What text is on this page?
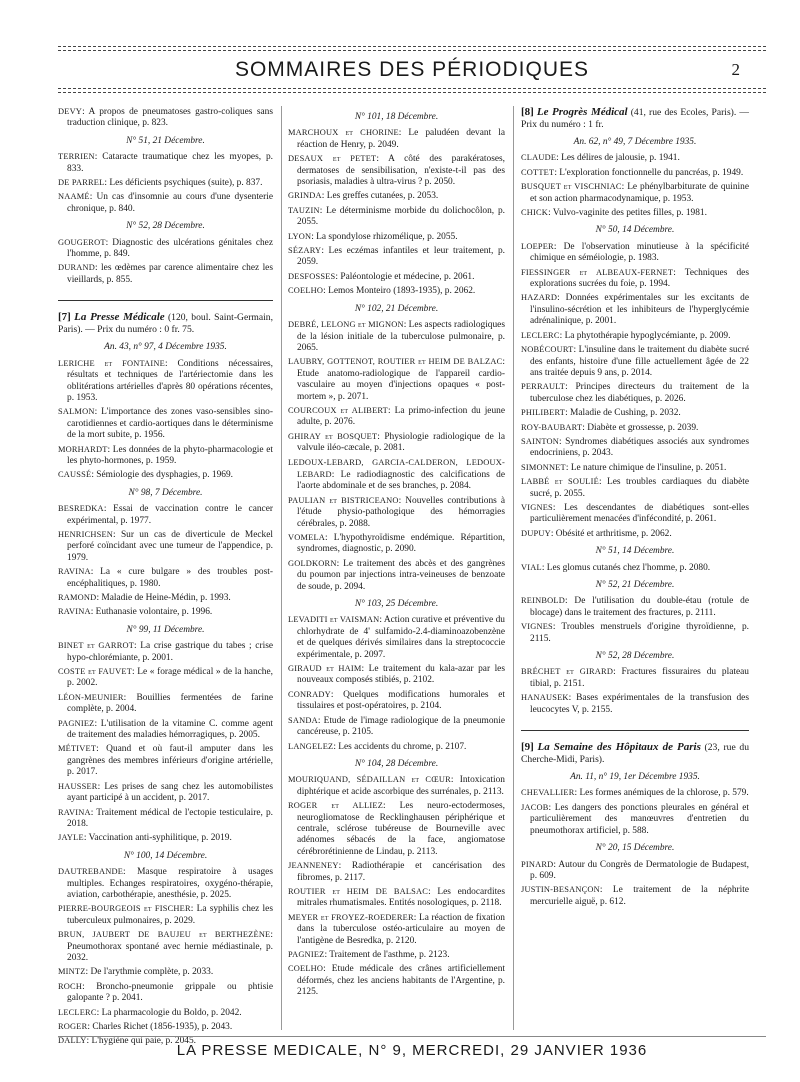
SOMMAIRES DES PÉRIODIQUES	2
DEVY: A propos de pneumatoses gastro-coliques sans traduction clinique, p. 823.
N° 51, 21 Décembre.
TERRIEN: Cataracte traumatique chez les myopes, p. 833.
DE PARREL: Les déficients psychiques (suite), p. 837.
NAAMÉ: Un cas d'insomnie au cours d'une dysenterie chronique, p. 840.
N° 52, 28 Décembre.
GOUGEROT: Diagnostic des ulcérations génitales chez l'homme, p. 849.
DURAND: les œdèmes par carence alimentaire chez les vieillards, p. 855.
[7] La Presse Médicale (120, boul. Saint-Germain, Paris). — Prix du numéro : 0 fr. 75.
An. 43, n° 97, 4 Décembre 1935.
LERICHE et FONTAINE: Conditions nécessaires, résultats et techniques de l'artériectomie dans les oblitérations artérielles d'après 80 opérations récentes, p. 1953.
SALMON: L'importance des zones vaso-sensibles sino-carotidiennes et cardio-aortiques dans le déterminisme de la mort subite, p. 1956.
MORHARDT: Les données de la phyto-pharmacologie et les phyto-hormones, p. 1959.
CAUSSÉ: Sémiologie des dysphagies, p. 1969.
N° 98, 7 Décembre.
BESREDKA: Essai de vaccination contre le cancer expérimental, p. 1977.
HENRICHSEN: Sur un cas de diverticule de Meckel perforé coïncidant avec une tumeur de l'appendice, p. 1979.
RAVINA: La « cure bulgare » des troubles post-encéphalitiques, p. 1980.
RAMOND: Maladie de Heine-Médin, p. 1993.
RAVINA: Euthanasie volontaire, p. 1996.
N° 99, 11 Décembre.
BINET et GARROT: La crise gastrique du tabes ; crise hypo-chlorémiante, p. 2001.
COSTE et FAUVET: Le « forage médical » de la hanche, p. 2002.
LÉON-MEUNIER: Bouillies fermentées de farine complète, p. 2004.
PAGNIEZ: L'utilisation de la vitamine C. comme agent de traitement des maladies hémorragiques, p. 2005.
MÉTIVET: Quand et où faut-il amputer dans les gangrènes des membres inférieurs d'origine artérielle, p. 2017.
HAUSSER: Les prises de sang chez les automobilistes ayant participé à un accident, p. 2017.
RAVINA: Traitement médical de l'ectopie testiculaire, p. 2018.
JAYLE: Vaccination anti-syphilitique, p. 2019.
N° 100, 14 Décembre.
DAUTREBANDE: Masque respiratoire à usages multiples. Echanges respiratoires, oxygéno-thérapie, aviation, carbothérapie, anesthésie, p. 2025.
PIERRE-BOURGEOIS et FISCHER: La syphilis chez les tuberculeux pulmonaires, p. 2029.
BRUN, JAUBERT DE BAUJEU et BERTHEZÈNE: Pneumothorax spontané avec hernie médiastinale, p. 2032.
MINTZ: De l'arythmie complète, p. 2033.
ROCH: Broncho-pneumonie grippale ou phtisie galopante ? p. 2041.
LECLERC: La pharmacologie du Boldo, p. 2042.
ROGER: Charles Richet (1856-1935), p. 2043.
DALLY: L'hygiène qui paie, p. 2045.
N° 101, 18 Décembre.
MARCHOUX et CHORINE: Le paludéen devant la réaction de Henry, p. 2049.
DESAUX et PETET: A côté des parakératoses, dermatoses de sensibilisation, n'existe-t-il pas des psoriasis, maladies à ultra-virus ? p. 2050.
GRINDA: Les greffes cutanées, p. 2053.
TAUZIN: Le déterminisme morbide du dolichocôlon, p. 2055.
LYON: La spondylose rhizomélique, p. 2055.
SÉZARY: Les eczémas infantiles et leur traitement, p. 2059.
DESFOSSES: Paléontologie et médecine, p. 2061.
COELHO: Lemos Monteiro (1893-1935), p. 2062.
N° 102, 21 Décembre.
DEBRÉ, LELONG et MIGNON: Les aspects radiologiques de la lésion initiale de la tuberculose pulmonaire, p. 2065.
LAUBRY, GOTTENOT, ROUTIER et HEIM DE BALZAC: Etude anatomo-radiologique de l'appareil cardio-vasculaire au moyen d'injections opaques « post-mortem », p. 2071.
COURCOUX et ALIBERT: La primo-infection du jeune adulte, p. 2076.
GHIRAY et BOSQUET: Physiologie radiologique de la valvule iléo-cæcale, p. 2081.
LEDOUX-LEBARD, GARCIA-CALDERON, LEDOUX-LEBARD: Le radiodiagnostic des calcifications de l'aorte abdominale et de ses branches, p. 2084.
PAULIAN et BISTRICEANO: Nouvelles contributions à l'étude physio-pathologique des hémorragies cérébrales, p. 2088.
VOMELA: L'hypothyroïdisme endémique. Répartition, syndromes, diagnostic, p. 2090.
GOLDKORN: Le traitement des abcès et des gangrènes du poumon par injections intra-veineuses de benzoate de soude, p. 2094.
N° 103, 25 Décembre.
LEVADITI et VAISMAN: Action curative et préventive du chlorhydrate de 4' sulfamido-2.4-diaminoazobenzène et de quelques dérivés similaires dans la streptococcie expérimentale, p. 2097.
GIRAUD et HAIM: Le traitement du kala-azar par les nouveaux composés stibiés, p. 2102.
CONRADY: Quelques modifications humorales et tissulaires et post-opératoires, p. 2104.
SANDA: Etude de l'image radiologique de la pneumonie cancéreuse, p. 2105.
LANGELEZ: Les accidents du chrome, p. 2107.
N° 104, 28 Décembre.
MOURIQUAND, SÉDAILLAN et CŒUR: Intoxication diphtérique et acide ascorbique des surrénales, p. 2113.
ROGER et ALLIEZ: Les neuro-ectodermoses, neurogliomatose de Recklinghausen périphérique et centrale, sclérose tubéreuse de Bourneville avec adénomes sébacés de la face, angiomatose cérébrorétinienne de Lindau, p. 2113.
JEANNENEY: Radiothérapie et cancérisation des fibromes, p. 2117.
ROUTIER et HEIM DE BALSAC: Les endocardites mitrales rhumatismales. Entités nosologiques, p. 2118.
MEYER et FROYEZ-ROEDERER: La réaction de fixation dans la tuberculose ostéo-articulaire au moyen de l'antigène de Besredka, p. 2120.
PAGNIEZ: Traitement de l'asthme, p. 2123.
COELHO: Etude médicale des crânes artificiellement déformés, chez les anciens habitants de l'Argentine, p. 2125.
[8] Le Progrès Médical (41, rue des Ecoles, Paris). — Prix du numéro : 1 fr.
An. 62, n° 49, 7 Décembre 1935.
CLAUDE: Les délires de jalousie, p. 1941.
COTTET: L'exploration fonctionnelle du pancréas, p. 1949.
BUSQUET et VISCHNIAC: Le phénylbarbiturate de quinine et son action pharmacodynamique, p. 1953.
CHICK: Vulvo-vaginite des petites filles, p. 1981.
N° 50, 14 Décembre.
LOEPER: De l'observation minutieuse à la spécificité chimique en séméiologie, p. 1983.
FIESSINGER et ALBEAUX-FERNET: Techniques des explorations sucrées du foie, p. 1994.
HAZARD: Données expérimentales sur les excitants de l'insulino-sécrétion et les inhibiteurs de l'hyperglycémie adrénalinique, p. 2001.
LECLERC: La phytothérapie hypoglycémiante, p. 2009.
NOBÉCOURT: L'insuline dans le traitement du diabète sucré des enfants, histoire d'une fille actuellement âgée de 22 ans traitée depuis 9 ans, p. 2014.
PERRAULT: Principes directeurs du traitement de la tuberculose chez les diabétiques, p. 2026.
PHILIBERT: Maladie de Cushing, p. 2032.
ROY-BAUBART: Diabète et grossesse, p. 2039.
SAINTON: Syndromes diabétiques associés aux syndromes endocriniens, p. 2043.
SIMONNET: Le nature chimique de l'insuline, p. 2051.
LABBÉ et SOULIÉ: Les troubles cardiaques du diabète sucré, p. 2055.
VIGNES: Les descendantes de diabétiques sont-elles particulièrement menacées d'infécondité, p. 2061.
DUPUY: Obésité et arthritisme, p. 2062.
N° 51, 14 Décembre.
VIAL: Les glomus cutanés chez l'homme, p. 2080.
N° 52, 21 Décembre.
REINBOLD: De l'utilisation du double-étau (rotule de blocage) dans le traitement des fractures, p. 2111.
VIGNES: Troubles menstruels d'origine thyroïdienne, p. 2115.
N° 52, 28 Décembre.
BRÉCHET et GIRARD: Fractures fissuraires du plateau tibial, p. 2151.
HANAUSEK: Bases expérimentales de la transfusion des leucocytes V, p. 2155.
[9] La Semaine des Hôpitaux de Paris (23, rue du Cherche-Midi, Paris).
An. 11, n° 19, 1er Décembre 1935.
CHEVALLIER: Les formes anémiques de la chlorose, p. 579.
JACOB: Les dangers des ponctions pleurales en général et particulièrement des manœuvres d'entretien du pneumothorax artificiel, p. 588.
N° 20, 15 Décembre.
PINARD: Autour du Congrès de Dermatologie de Budapest, p. 609.
JUSTIN-BESANÇON: Le traitement de la néphrite mercurielle aiguë, p. 612.
LA PRESSE MEDICALE, N° 9, MERCREDI, 29 JANVIER 1936
